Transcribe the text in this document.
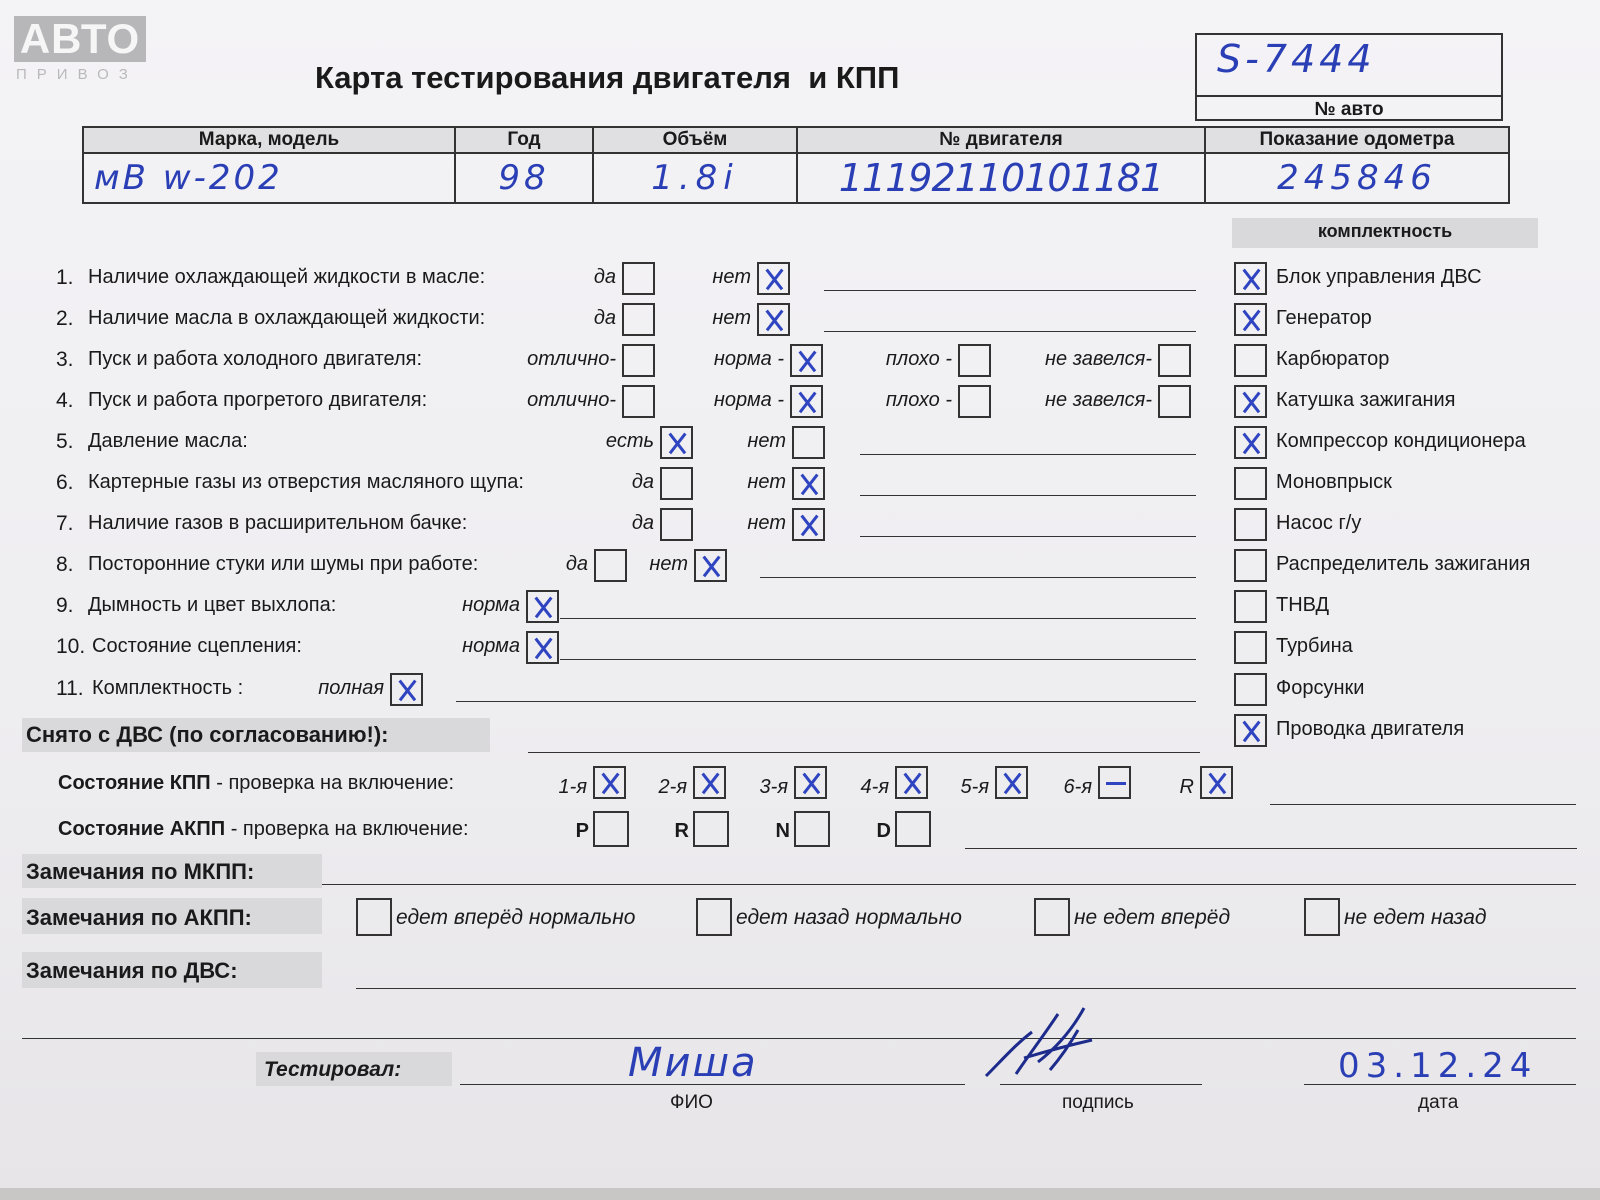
АВТО
ПРИВОЗ	Карта тестирования двигателя  и КПП	S-7444
№ авто
Марка, модель	Год	Объём	№ двигателя	Показание одометра

мВ w-202	98	1.8i	11192110101181	245846
комплектность
1. Наличие охлаждающей жидкости в масле:	да	нет
2. Наличие масла в охлаждающей жидкости:	да	нет
3. Пуск и работа холодного двигателя:	отлично-	норма -	плохо -	не завелся-
4. Пуск и работа прогретого двигателя:	отлично-	норма -	плохо -	не завелся-
5. Давление масла:	есть	нет
6. Картерные газы из отверстия масляного щупа:	да	нет
7. Наличие газов в расширительном бачке:	да	нет
8. Посторонние стуки или шумы при работе:	да	нет
9. Дымность и цвет выхлопа:	норма
10. Состояние сцепления:	норма
11. Комплектность :	полная
Блок управления ДВС
Генератор
Карбюратор
Катушка зажигания
Компрессор кондиционера
Моновпрыск
Насос г/у
Распределитель зажигания
ТНВД
Турбина
Форсунки
Проводка двигателя
Снято с ДВС (по согласованию!):
Состояние КПП - проверка на включение:	1-я	2-я	3-я	4-я	5-я	6-я	R
Состояние АКПП - проверка на включение:	P	R	N	D
Замечания по МКПП:
Замечания по АКПП:	едет вперёд нормально	едет назад нормально	не едет вперёд	не едет назад
Замечания по ДВС:
Тестировал:	Миша
ФИО	подпись
03.12.24
дата
